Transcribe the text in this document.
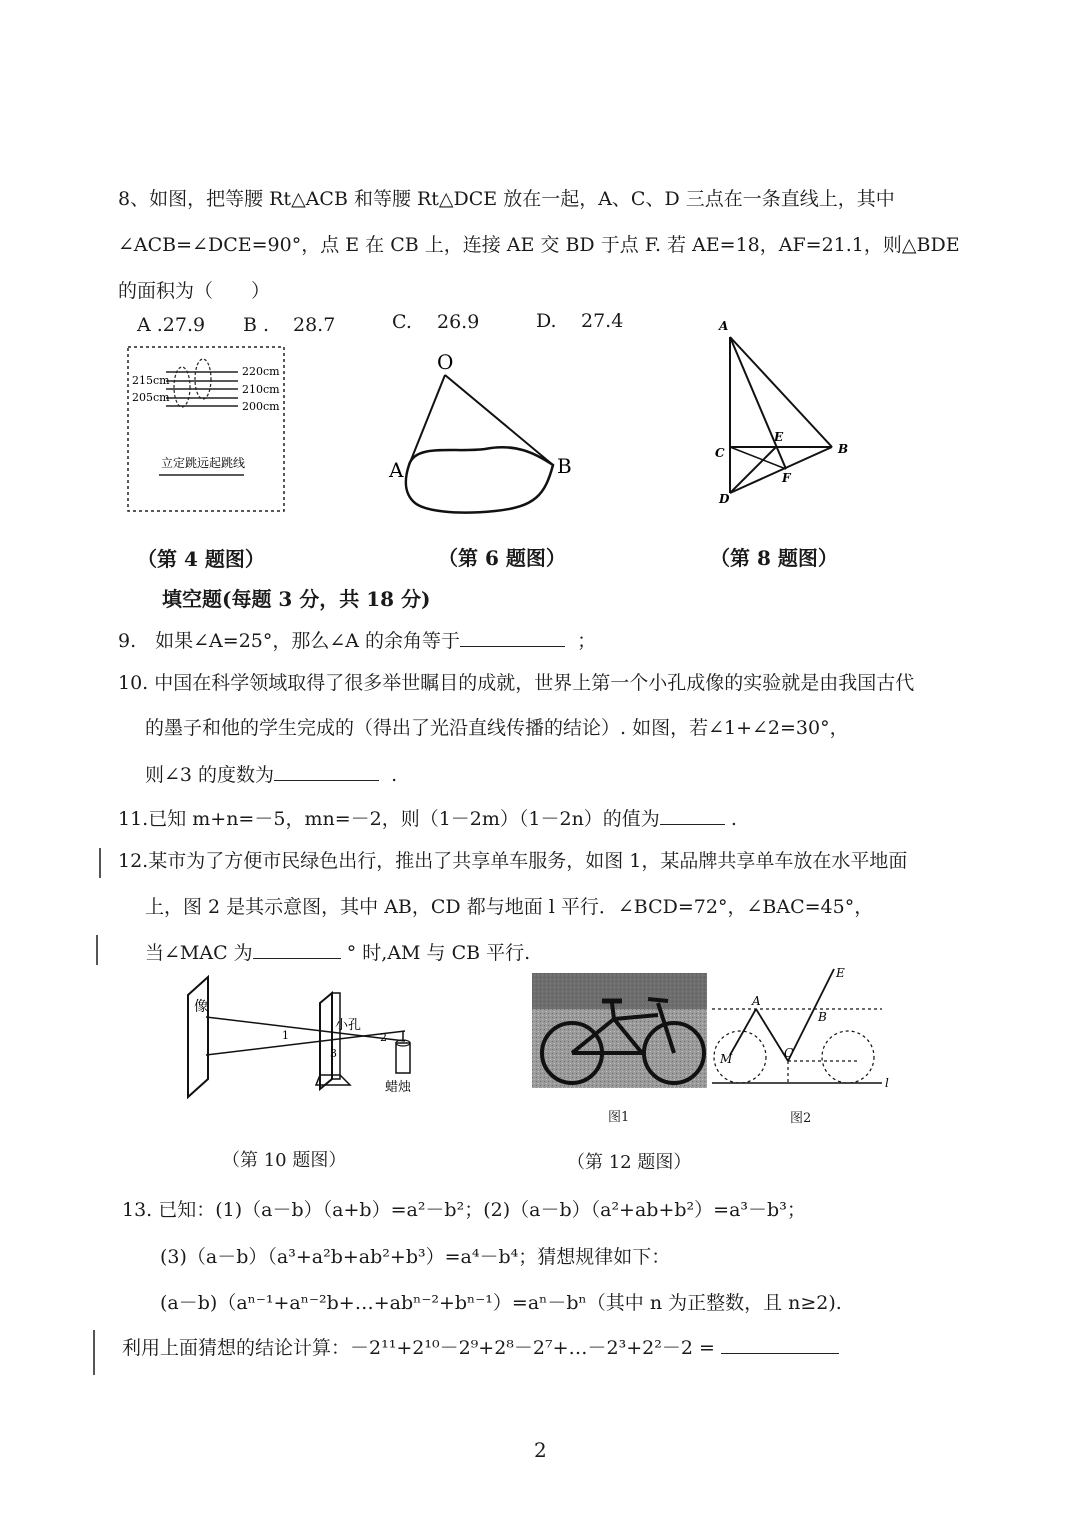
8、如图，把等腰 Rt△ACB 和等腰 Rt△DCE 放在一起，A、C、D 三点在一条直线上，其中
∠ACB=∠DCE=90°，点 E 在 CB 上，连接 AE 交 BD 于点 F. 若 AE=18，AF=21.1，则△BDE
的面积为（　　）
A .27.9 B . 28.7	C. 26.9	D. 27.4
220cm
210cm
200cm
215cm
205cm
立定跳远起跳线
O
A	B
A
C
E
B
F
D
（第 4 题图）	（第 6 题图）	（第 8 题图）
填空题(每题 3 分，共 18 分)
9.　如果∠A=25°，那么∠A 的余角等于	；
10. 中国在科学领域取得了很多举世瞩目的成就，世界上第一个小孔成像的实验就是由我国古代
的墨子和他的学生完成的（得出了光沿直线传播的结论）. 如图，若∠1+∠2=30°，
则∠3 的度数为	.
11.已知 m+n=－5，mn=－2，则（1－2m）（1－2n）的值为	.
12.某市为了方便市民绿色出行，推出了共享单车服务，如图 1，某品牌共享单车放在水平地面
上，图 2 是其示意图，其中 AB，CD 都与地面 l 平行．∠BCD=72°，∠BAC=45°，
当∠MAC 为	° 时,AM 与 CB 平行.
像
小孔
1	2
3
蜡烛
图1
E
A
B
M	C
l
图2
（第 10 题图）	（第 12 题图）
13. 已知：(1)（a－b）（a+b）=a²－b²；(2)（a－b）（a²+ab+b²）=a³－b³；
(3)（a－b）（a³+a²b+ab²+b³）=a⁴－b⁴；猜想规律如下：
(a－b)（aⁿ⁻¹+aⁿ⁻²b+…+abⁿ⁻²+bⁿ⁻¹）=aⁿ－bⁿ（其中 n 为正整数，且 n≥2).
利用上面猜想的结论计算：－2¹¹+2¹⁰－2⁹+2⁸－2⁷+…－2³+2²－2 =
2
